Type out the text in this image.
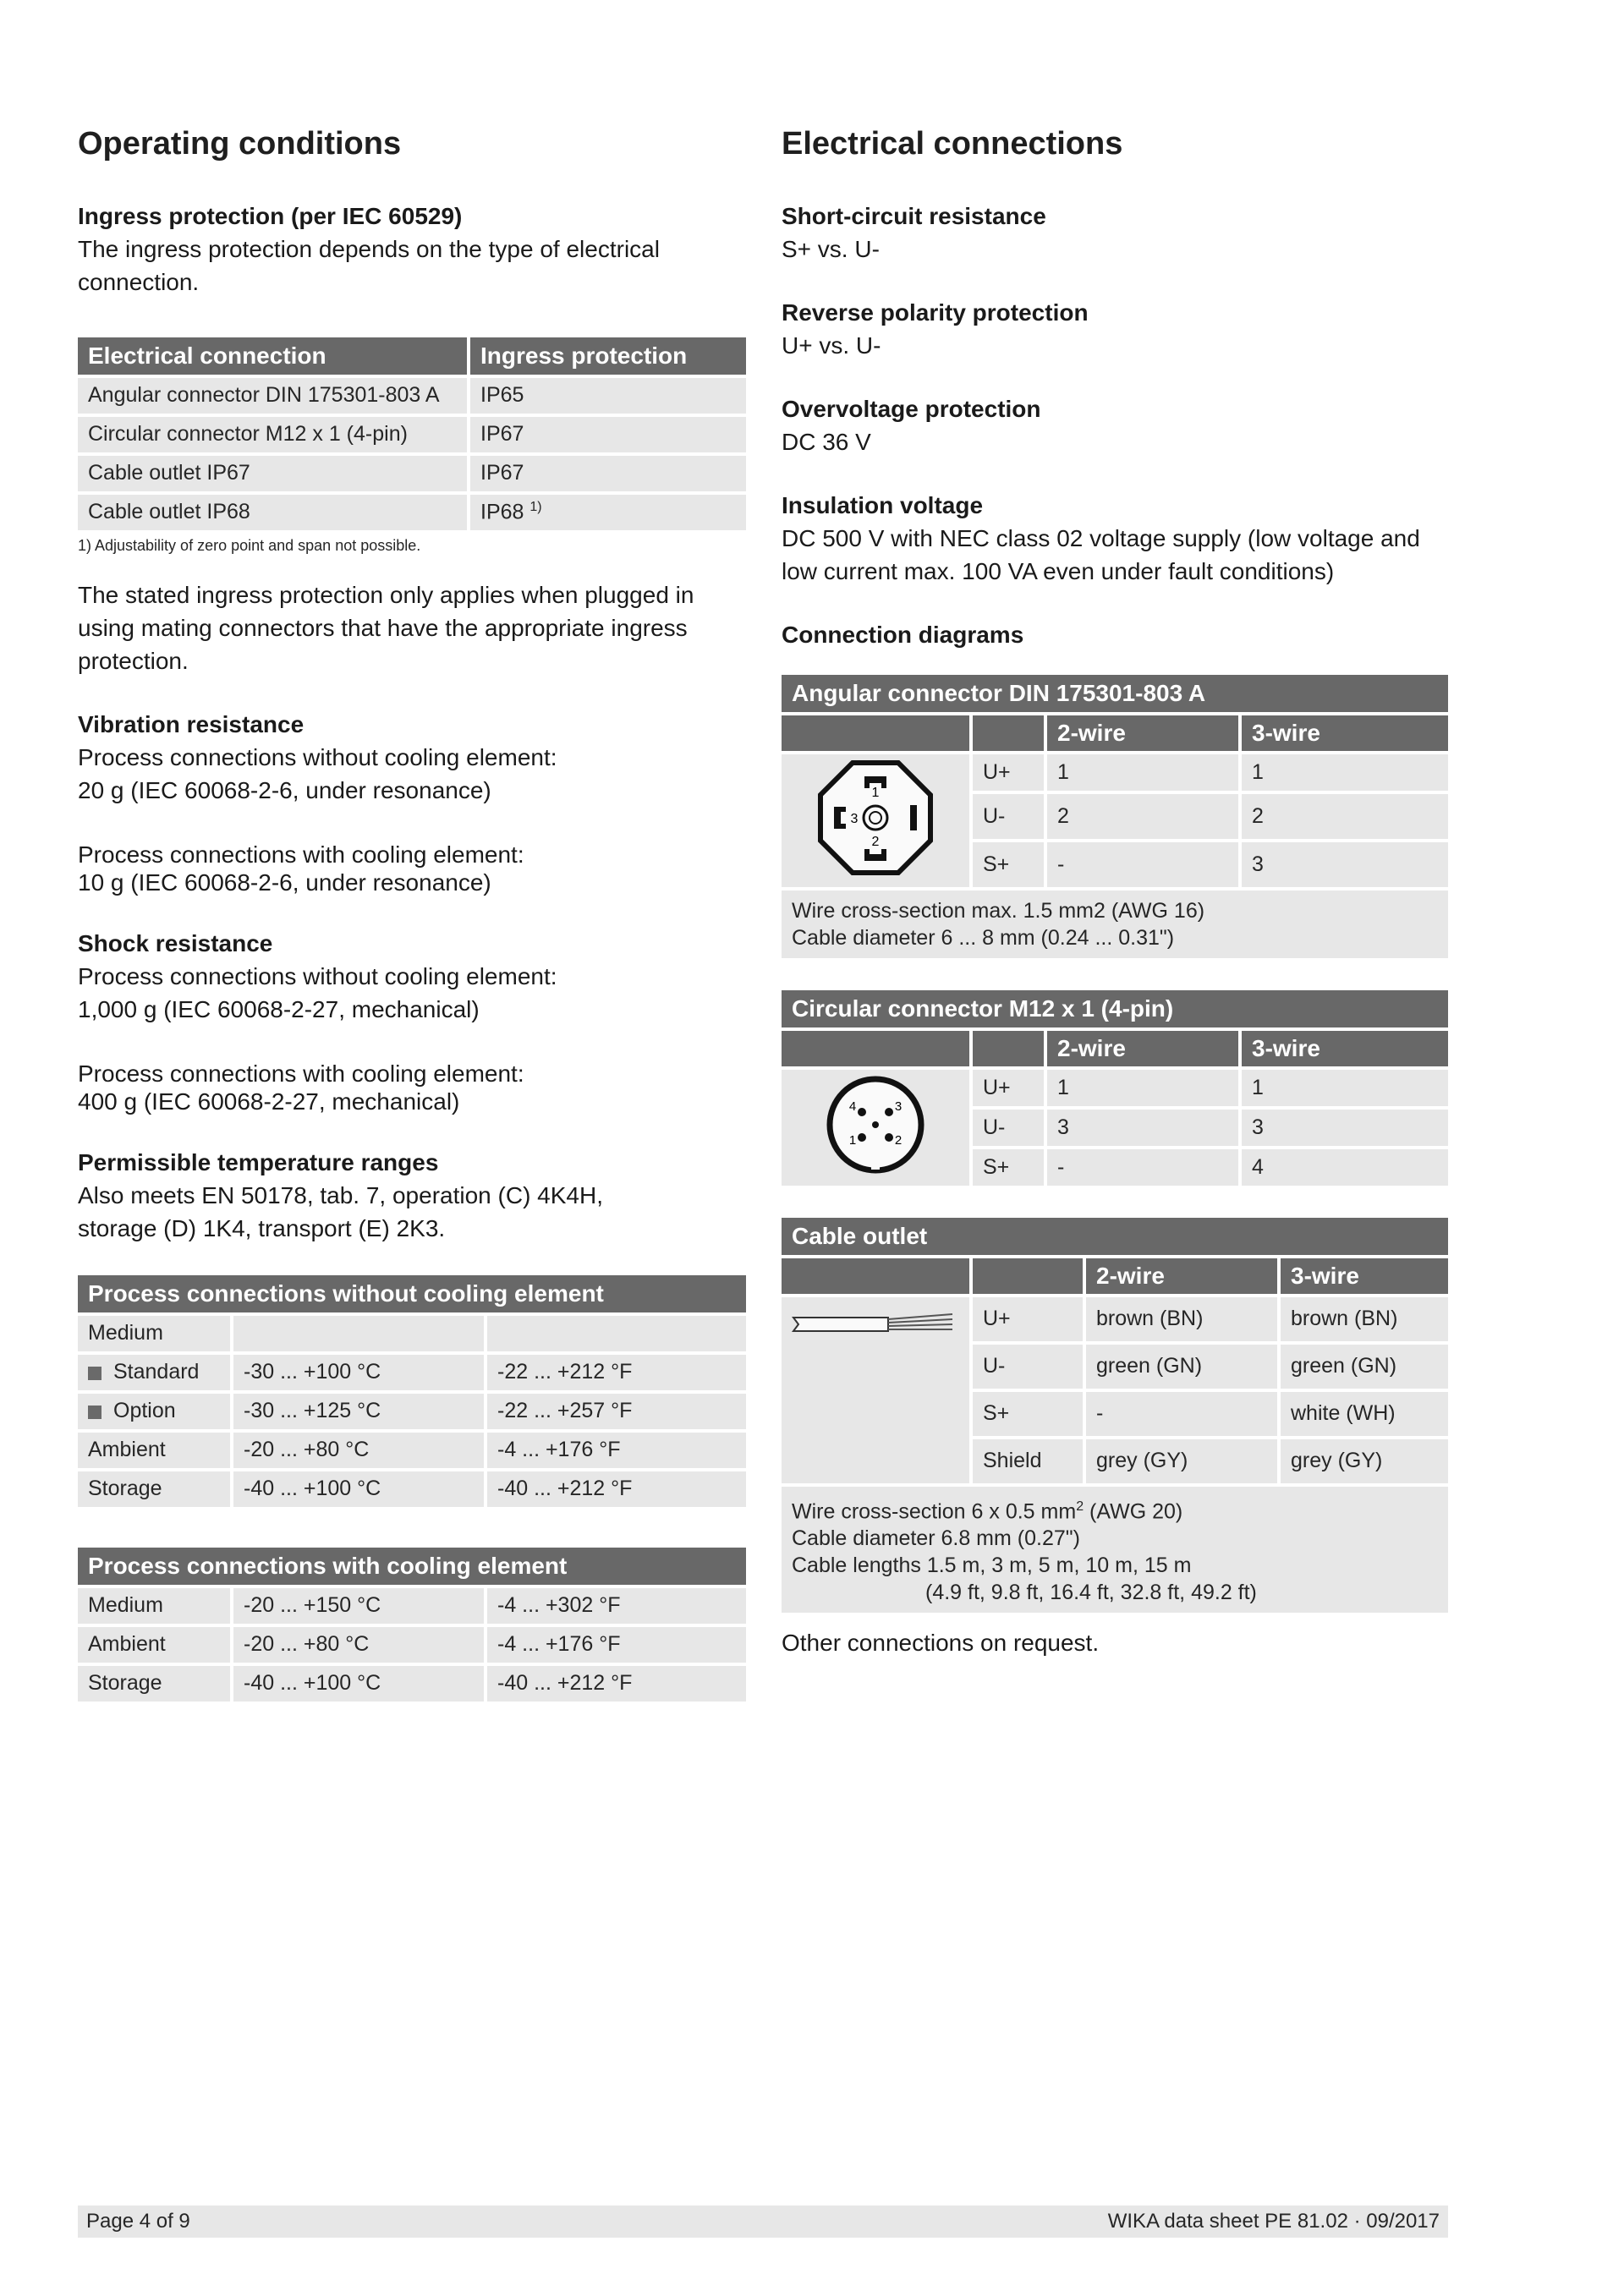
Operating conditions
Ingress protection (per IEC 60529)
The ingress protection depends on the type of electrical connection.
Electrical connection	Ingress protection
Angular connector DIN 175301-803 A	IP65
Circular connector M12 x 1 (4-pin)	IP67
Cable outlet IP67	IP67
Cable outlet IP68	IP68 $^{1)}$
1) Adjustability of zero point and span not possible.
The stated ingress protection only applies when plugged in using mating connectors that have the appropriate ingress protection.
Vibration resistance
Process connections without cooling element:
20 g (IEC 60068-2-6, under resonance)
Process connections with cooling element:
10 g (IEC 60068-2-6, under resonance)
Shock resistance
Process connections without cooling element:
1,000 g (IEC 60068-2-27, mechanical)
Process connections with cooling element:
400 g (IEC 60068-2-27, mechanical)
Permissible temperature ranges
Also meets EN 50178, tab. 7, operation (C) 4K4H,
storage (D) 1K4, transport (E) 2K3.
Process connections without cooling element		
Medium		
Standard	-30 ... +100 °C	-22 ... +212 °F
Option	-30 ... +125 °C	-22 ... +257 °F
Ambient	-20 ... +80 °C	-4 ... +176 °F
Storage	-40 ... +100 °C	-40 ... +212 °F
Process connections with cooling element		
Medium	-20 ... +150 °C	-4 ... +302 °F
Ambient	-20 ... +80 °C	-4 ... +176 °F
Storage	-40 ... +100 °C	-40 ... +212 °F
Electrical connections
Short-circuit resistance
S+ vs. U-
Reverse polarity protection
U+ vs. U-
Overvoltage protection
DC 36 V
Insulation voltage
DC 500 V with NEC class 02 voltage supply (low voltage and low current max. 100 VA even under fault conditions)
Connection diagrams
Angular connector DIN 175301-803 A			
		2-wire	3-wire

1
2
3	U+	1	1
	U-	2	2
	S+	-	3

Wire cross-section max. 1.5 mm2 (AWG 16)
Cable diameter 6 ... 8 mm (0.24 ... 0.31")			
Circular connector M12 x 1 (4-pin)			
		2-wire	3-wire

1 2
3
4	U+	1	1
	U-	3	3
	S+	-	4
Cable outlet			
		2-wire	3-wire
	U+	brown (BN)	brown (BN)
	U-	green (GN)	green (GN)
	S+	-	white (WH)
	Shield	grey (GY)	grey (GY)

Wire cross-section 6 x 0.5 $mm^2$ (AWG 20)
Cable diameter 6.8 mm (0.27")
Cable lengths 1.5 m, 3 m, 5 m, 10 m, 15 m
(4.9 ft, 9.8 ft, 16.4 ft, 32.8 ft, 49.2 ft)			
Other connections on request.
Page 4 of 9	WIKA data sheet PE 81.02 · 09/2017
